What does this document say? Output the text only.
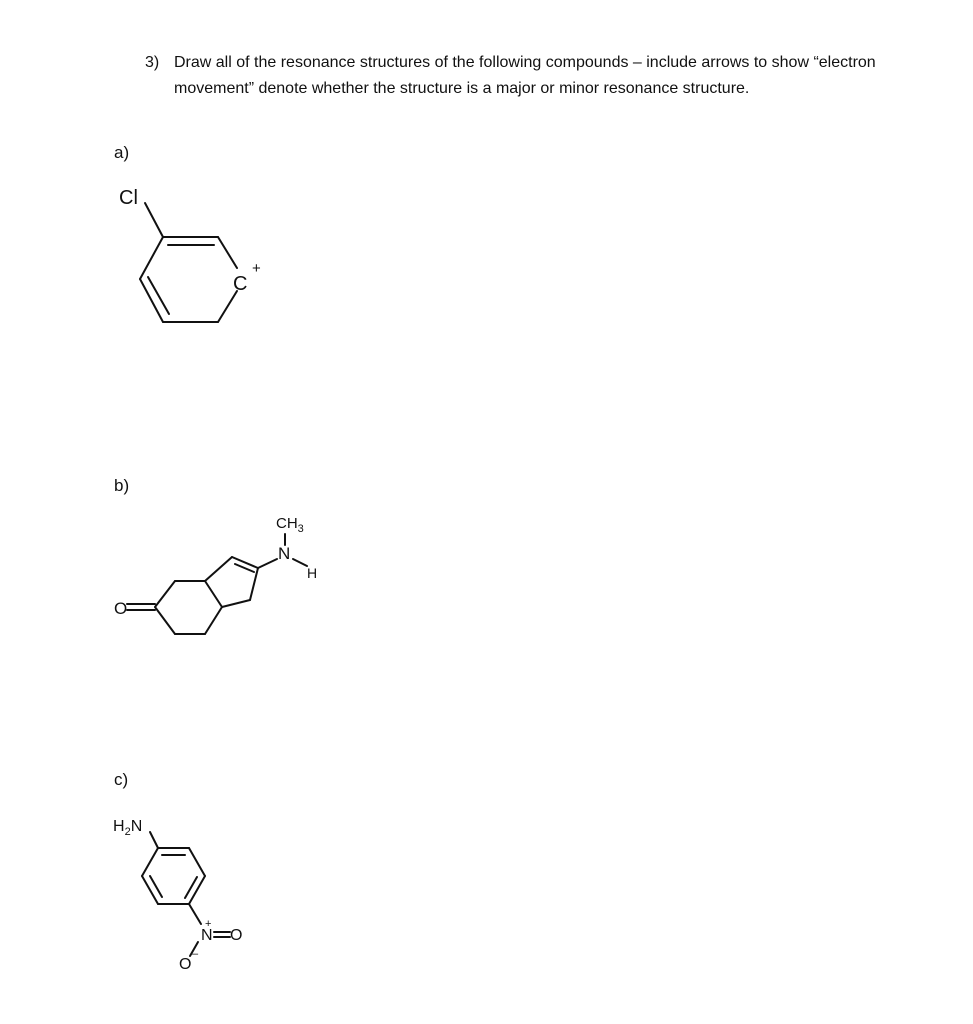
3) Draw all of the resonance structures of the following compounds – include arrows to show “electron movement” denote whether the structure is a major or minor resonance structure.
a)
b)
c)
Cl
C
+
O
N
H
$CH_3$
$H_2N$
N
+
O
O
–
